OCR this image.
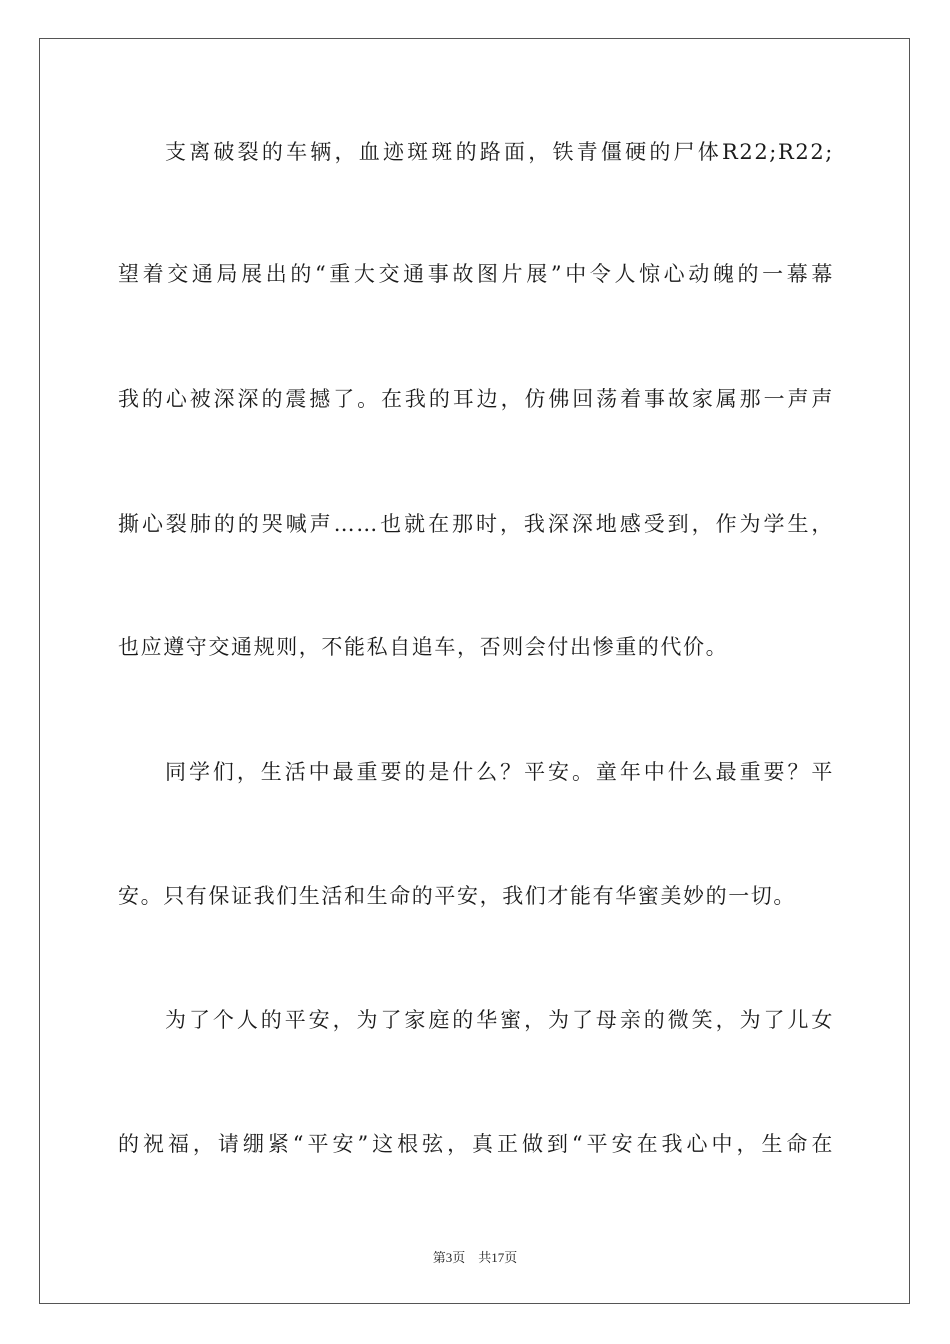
支离破裂的车辆，血迹斑斑的路面，铁青僵硬的尸体R22;R22;
望着交通局展出的“重大交通事故图片展”中令人惊心动魄的一幕幕
我的心被深深的震撼了。在我的耳边，仿佛回荡着事故家属那一声声
撕心裂肺的的哭喊声……也就在那时，我深深地感受到，作为学生，
也应遵守交通规则，不能私自追车，否则会付出惨重的代价。
同学们，生活中最重要的是什么？平安。童年中什么最重要？平
安。只有保证我们生活和生命的平安，我们才能有华蜜美妙的一切。
为了个人的平安，为了家庭的华蜜，为了母亲的微笑，为了儿女
的祝福，请绷紧“平安”这根弦，真正做到“平安在我心中，生命在
第3页　共17页
